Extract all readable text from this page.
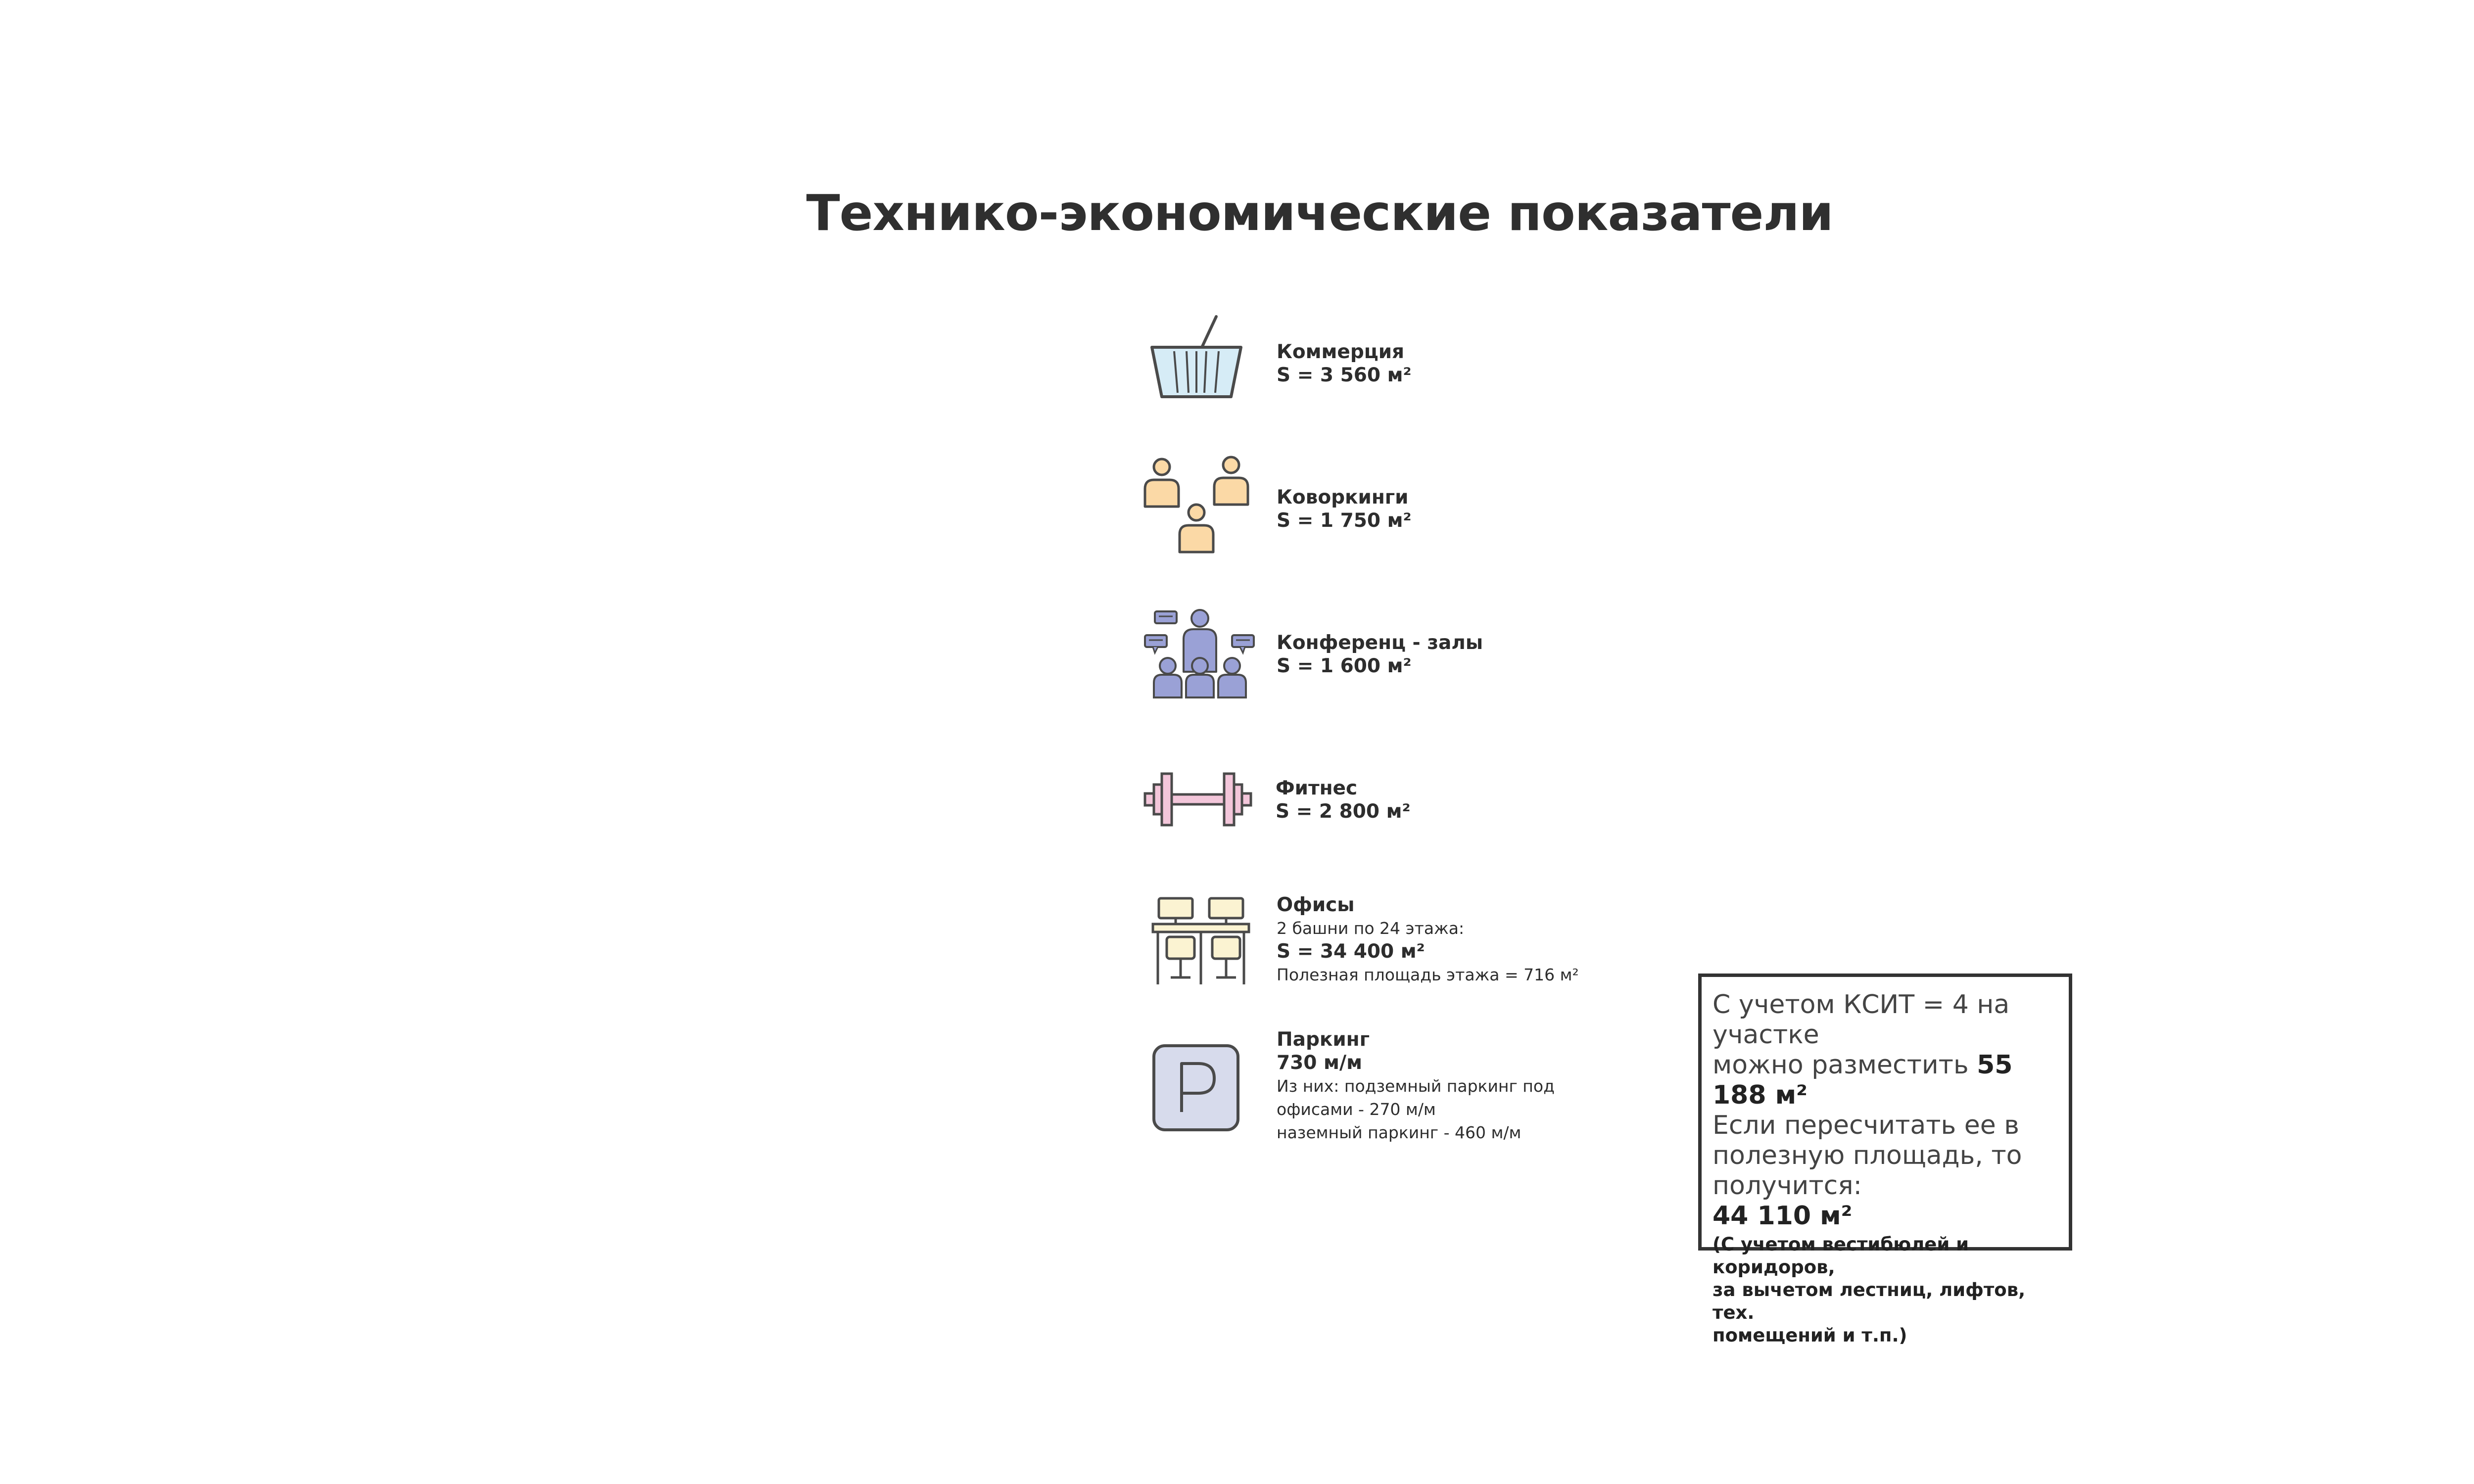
Технико-экономические показатели
Коммерция
S = 3 560 м²
Коворкинги
S = 1 750 м²
Конференц - залы
S = 1 600 м²
Фитнес
S = 2 800 м²
Офисы
2 башни по 24 этажа:
S = 34 400 м²
Полезная площадь этажа = 716 м²
Паркинг
730 м/м
Из них: подземный паркинг под
офисами - 270 м/м
наземный паркинг - 460 м/м
С учетом КСИТ = 4 на участке
можно разместить 55 188 м²
Если пересчитать ее в
полезную площадь, то
получится:
44 110 м²
(С учетом вестибюлей и коридоров,
за вычетом лестниц, лифтов, тех.
помещений и т.п.)
